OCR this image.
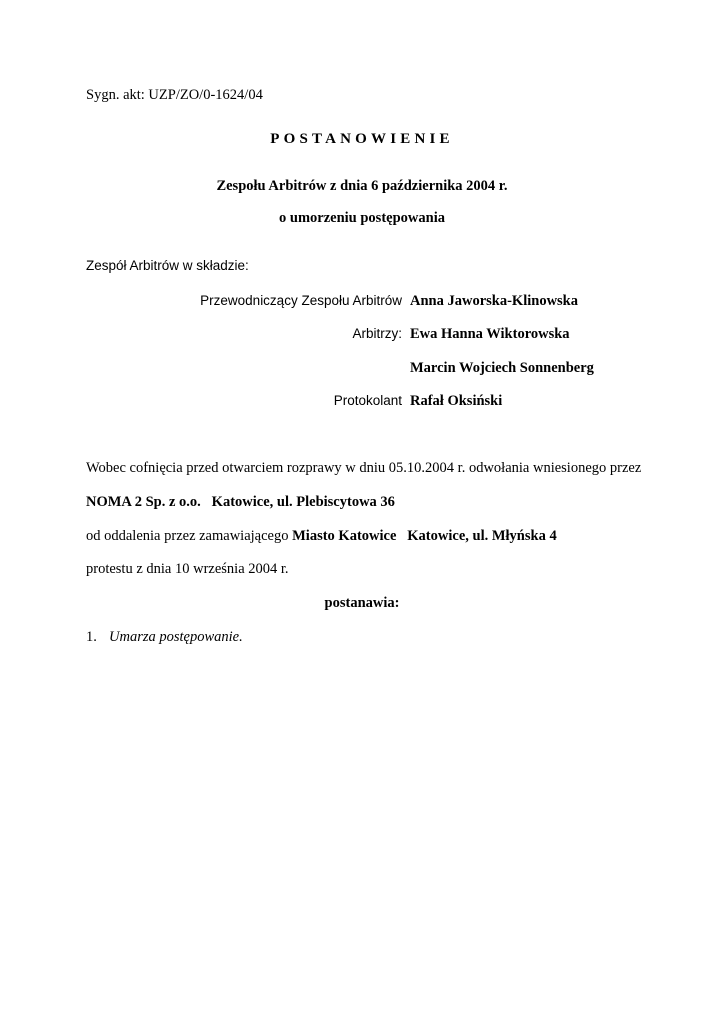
Sygn. akt: UZP/ZO/0-1624/04
POSTANOWIENIE
Zespołu Arbitrów z dnia 6 października 2004 r.
o umorzeniu postępowania
Zespół Arbitrów w składzie:
Przewodniczący Zespołu Arbitrów Anna Jaworska-Klinowska
Arbitrzy: Ewa Hanna Wiktorowska
Marcin Wojciech Sonnenberg
Protokolant Rafał Oksiński
Wobec cofnięcia przed otwarciem rozprawy w dniu 05.10.2004 r. odwołania wniesionego przez
NOMA 2 Sp. z o.o.   Katowice, ul. Plebiscytowa 36
od oddalenia przez zamawiającego Miasto Katowice   Katowice, ul. Młyńska 4
protestu z dnia 10 września 2004 r.
postanawia:
1. Umarza postępowanie.
